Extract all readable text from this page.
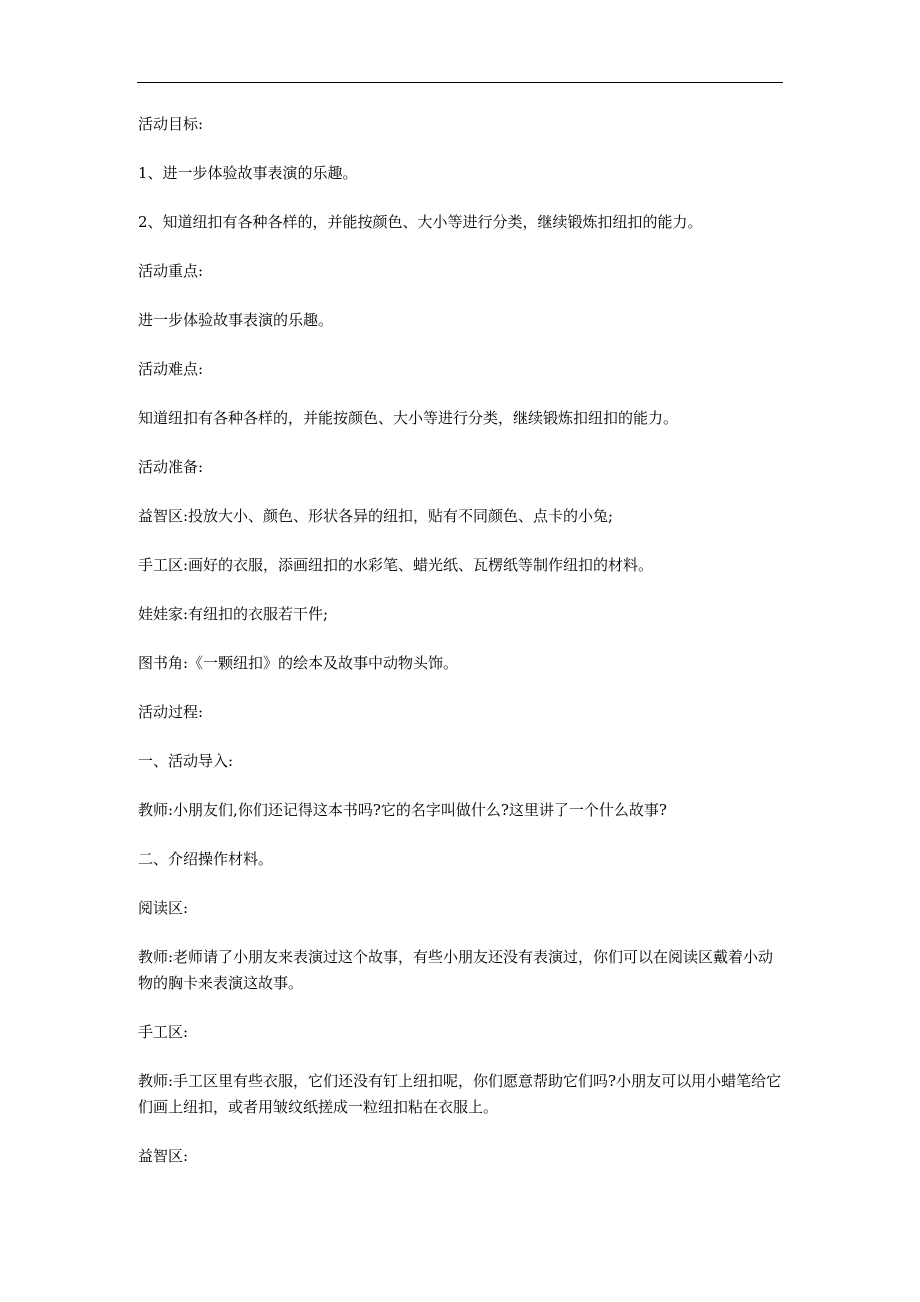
活动目标:

1、进一步体验故事表演的乐趣。

2、知道纽扣有各种各样的，并能按颜色、大小等进行分类，继续锻炼扣纽扣的能力。

活动重点:

进一步体验故事表演的乐趣。

活动难点:

知道纽扣有各种各样的，并能按颜色、大小等进行分类，继续锻炼扣纽扣的能力。

活动准备:

益智区:投放大小、颜色、形状各异的纽扣，贴有不同颜色、点卡的小兔;

手工区:画好的衣服，添画纽扣的水彩笔、蜡光纸、瓦楞纸等制作纽扣的材料。

娃娃家:有纽扣的衣服若干件;

图书角:《一颗纽扣》的绘本及故事中动物头饰。

活动过程:

一、活动导入:

教师:小朋友们,你们还记得这本书吗?它的名字叫做什么?这里讲了一个什么故事?

二、介绍操作材料。

阅读区:

教师:老师请了小朋友来表演过这个故事，有些小朋友还没有表演过，你们可以在阅读区戴着小动物的胸卡来表演这故事。

手工区:

教师:手工区里有些衣服，它们还没有钉上纽扣呢，你们愿意帮助它们吗?小朋友可以用小蜡笔给它们画上纽扣，或者用皱纹纸搓成一粒纽扣粘在衣服上。

益智区:
